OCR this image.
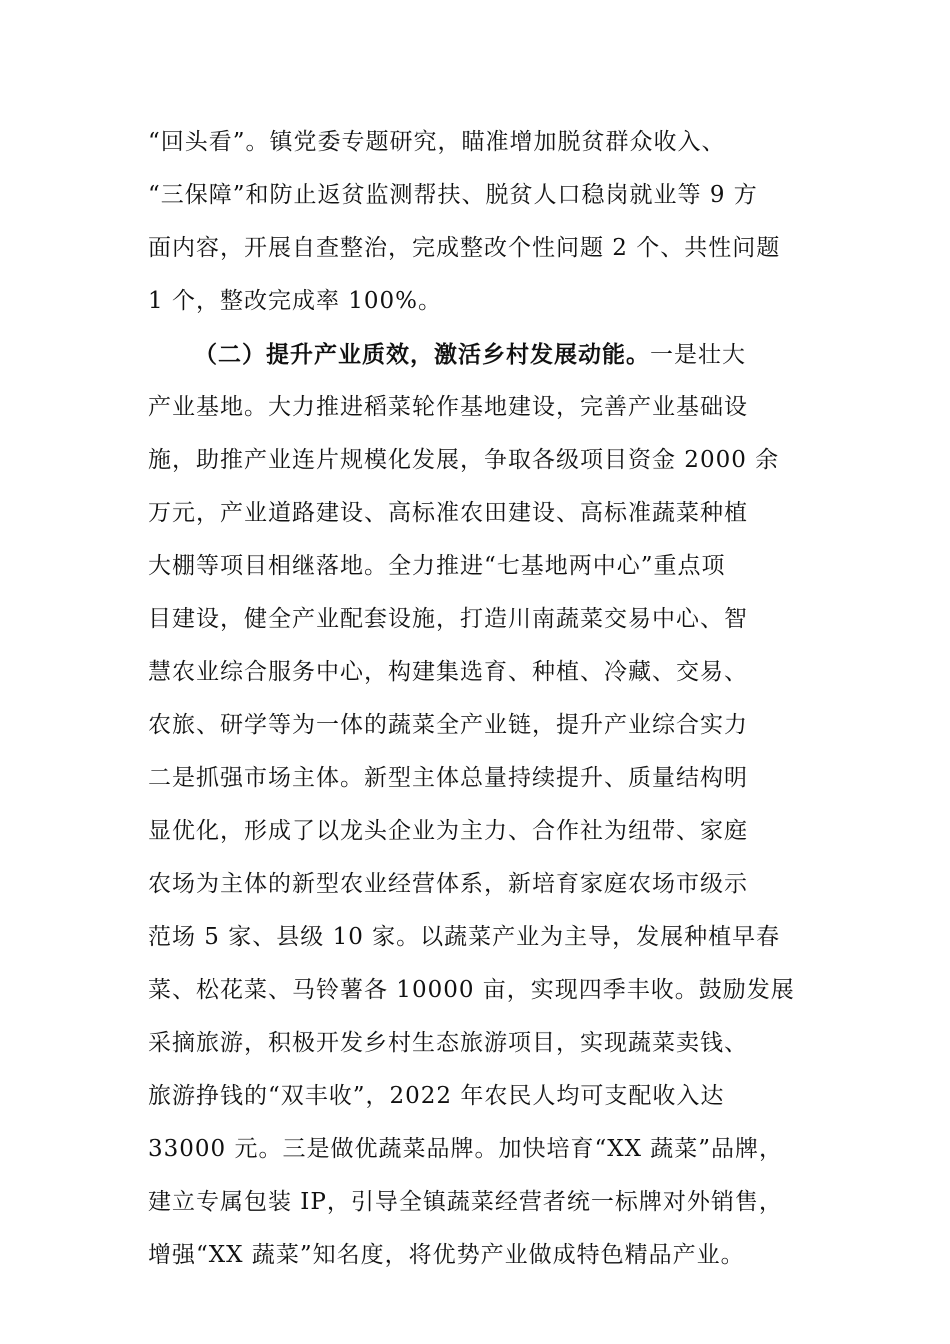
“回头看”。镇党委专题研究，瞄准增加脱贫群众收入、
“三保障”和防止返贫监测帮扶、脱贫人口稳岗就业等 9 方
面内容，开展自查整治，完成整改个性问题 2 个、共性问题
1 个，整改完成率 100%。
（二）提升产业质效，激活乡村发展动能。一是壮大
产业基地。大力推进稻菜轮作基地建设，完善产业基础设
施，助推产业连片规模化发展，争取各级项目资金 2000 余
万元，产业道路建设、高标准农田建设、高标准蔬菜种植
大棚等项目相继落地。全力推进“七基地两中心”重点项
目建设，健全产业配套设施，打造川南蔬菜交易中心、智
慧农业综合服务中心，构建集选育、种植、冷藏、交易、
农旅、研学等为一体的蔬菜全产业链，提升产业综合实力
二是抓强市场主体。新型主体总量持续提升、质量结构明
显优化，形成了以龙头企业为主力、合作社为纽带、家庭
农场为主体的新型农业经营体系，新培育家庭农场市级示
范场 5 家、县级 10 家。以蔬菜产业为主导，发展种植早春
菜、松花菜、马铃薯各 10000 亩，实现四季丰收。鼓励发展
采摘旅游，积极开发乡村生态旅游项目，实现蔬菜卖钱、
旅游挣钱的“双丰收”，2022 年农民人均可支配收入达
33000 元。三是做优蔬菜品牌。加快培育“XX 蔬菜”品牌，
建立专属包装 IP，引导全镇蔬菜经营者统一标牌对外销售，
增强“XX 蔬菜”知名度，将优势产业做成特色精品产业。
